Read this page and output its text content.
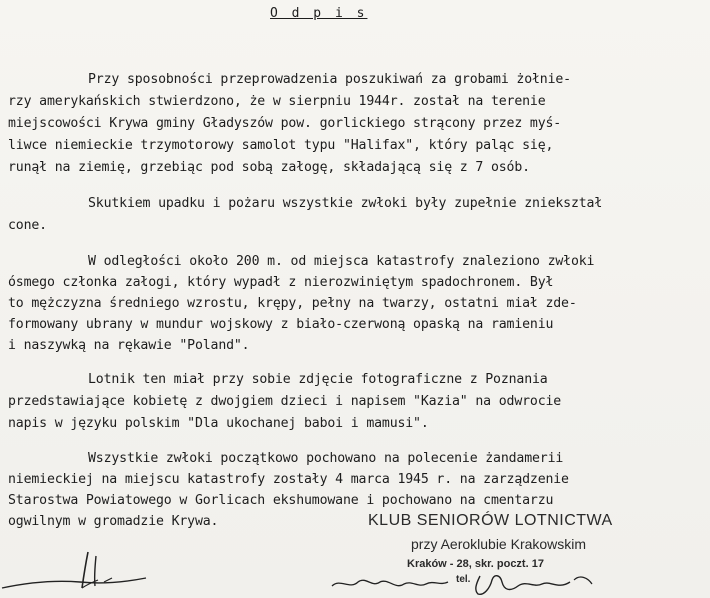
O d p i s
Przy sposobności przeprowadzenia poszukiwań za grobami żołnie-
rzy amerykańskich stwierdzono, że w sierpniu 1944r. został na terenie
miejscowości Krywa gminy Gładyszów pow. gorlickiego strącony przez myś-
liwce niemieckie trzymotorowy samolot typu "Halifax", który paląc się,
runął na ziemię, grzebiąc pod sobą załogę, składającą się z 7 osób.
Skutkiem upadku i pożaru wszystkie zwłoki były zupełnie zniekształ
cone.
W odległości około 200 m. od miejsca katastrofy znaleziono zwłoki
ósmego członka załogi, który wypadł z nierozwiniętym spadochronem. Był
to mężczyzna średniego wzrostu, krępy, pełny na twarzy, ostatni miał zde-
formowany ubrany w mundur wojskowy z biało-czerwoną opaską na ramieniu
i naszywką na rękawie "Poland".
Lotnik ten miał przy sobie zdjęcie fotograficzne z Poznania
przedstawiające kobietę z dwojgiem dzieci i napisem "Kazia" na odwrocie
napis w języku polskim "Dla ukochanej baboi i mamusi".
Wszystkie zwłoki początkowo pochowano na polecenie żandamerii
niemieckiej na miejscu katastrofy zostały 4 marca 1945 r. na zarządzenie
Starostwa Powiatowego w Gorlicach ekshumowane i pochowano na cmentarzu
ogwilnym w gromadzie Krywa.	KLUB SENIORÓW LOTNICTWA
przy Aeroklubie Krakowskim
Kraków - 28, skr. poczt. 17
tel.
